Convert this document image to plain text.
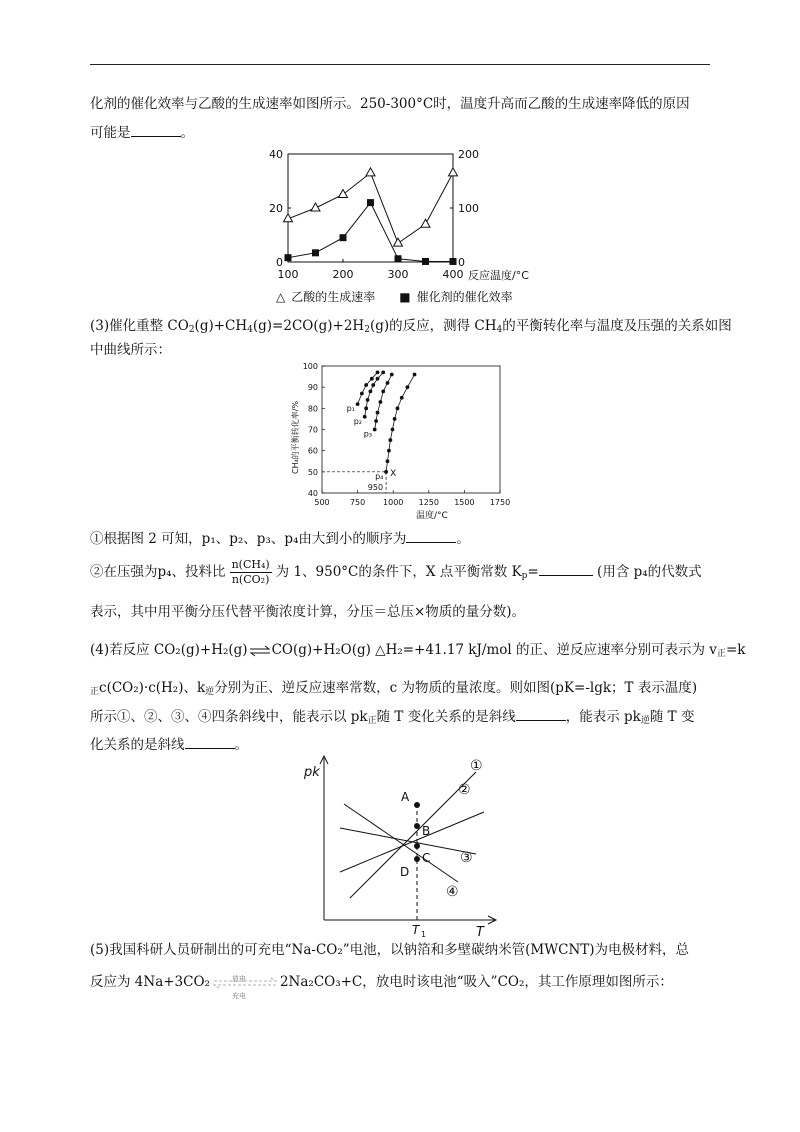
化剂的催化效率与乙酸的生成速率如图所示。250-300°C时，温度升高而乙酸的生成速率降低的原因
可能是	。
40
20
0
200
100
0
100	200	300	400 反应温度/°C
△ 乙酸的生成速率 ■ 催化剂的催化效率
(3)催化重整 $CO_2(g)+CH_4(g)=2CO(g)+2H_2(g)$的反应，测得 $CH_4$的平衡转化率与温度及压强的关系如图
中曲线所示：
100
90
80
70
60
50
40
500	750 1000 1250 1500 1750
p₁
p₂
p₃
p₄ X
950
CH₄的平衡转化率/%
温度/°C
①根据图 2 可知，p₁、p₂、p₃、p₄由大到小的顺序为	。
②在压强为p₄、投料比 $\frac{\text{n(CH₄)}}{\text{n(CO₂)}}$ 为 1、950°C的条件下，X 点平衡常数 $K_p=$	(用含 p₄的代数式
表示，其中用平衡分压代替平衡浓度计算，分压＝总压×物质的量分数)。
(4)若反应 CO₂(g)+H₂(g)⇌CO(g)+H₂O(g) △H₂=+41.17 kJ/mol 的正、逆反应速率分别可表示为 $v_正=k$
$_正$c(CO₂)·c(H₂)、$k_逆$分别为正、逆反应速率常数，c 为物质的量浓度。则如图(pK=-lgk；T 表示温度)
所示①、②、③、④四条斜线中，能表示以 $pk_正$随 T 变化关系的是斜线	，能表示 $pk_逆$随 T 变
化关系的是斜线	。
pk
T
A
B
C
D
①
②
③
④
T 1
(5)我国科研人员研制出的可充电“Na-CO₂”电池，以钠箔和多壁碳纳米管(MWCNT)为电极材料，总
反应为 4Na+3CO₂	放电
充电
2Na₂CO₃+C，放电时该电池“吸入”CO₂，其工作原理如图所示：
